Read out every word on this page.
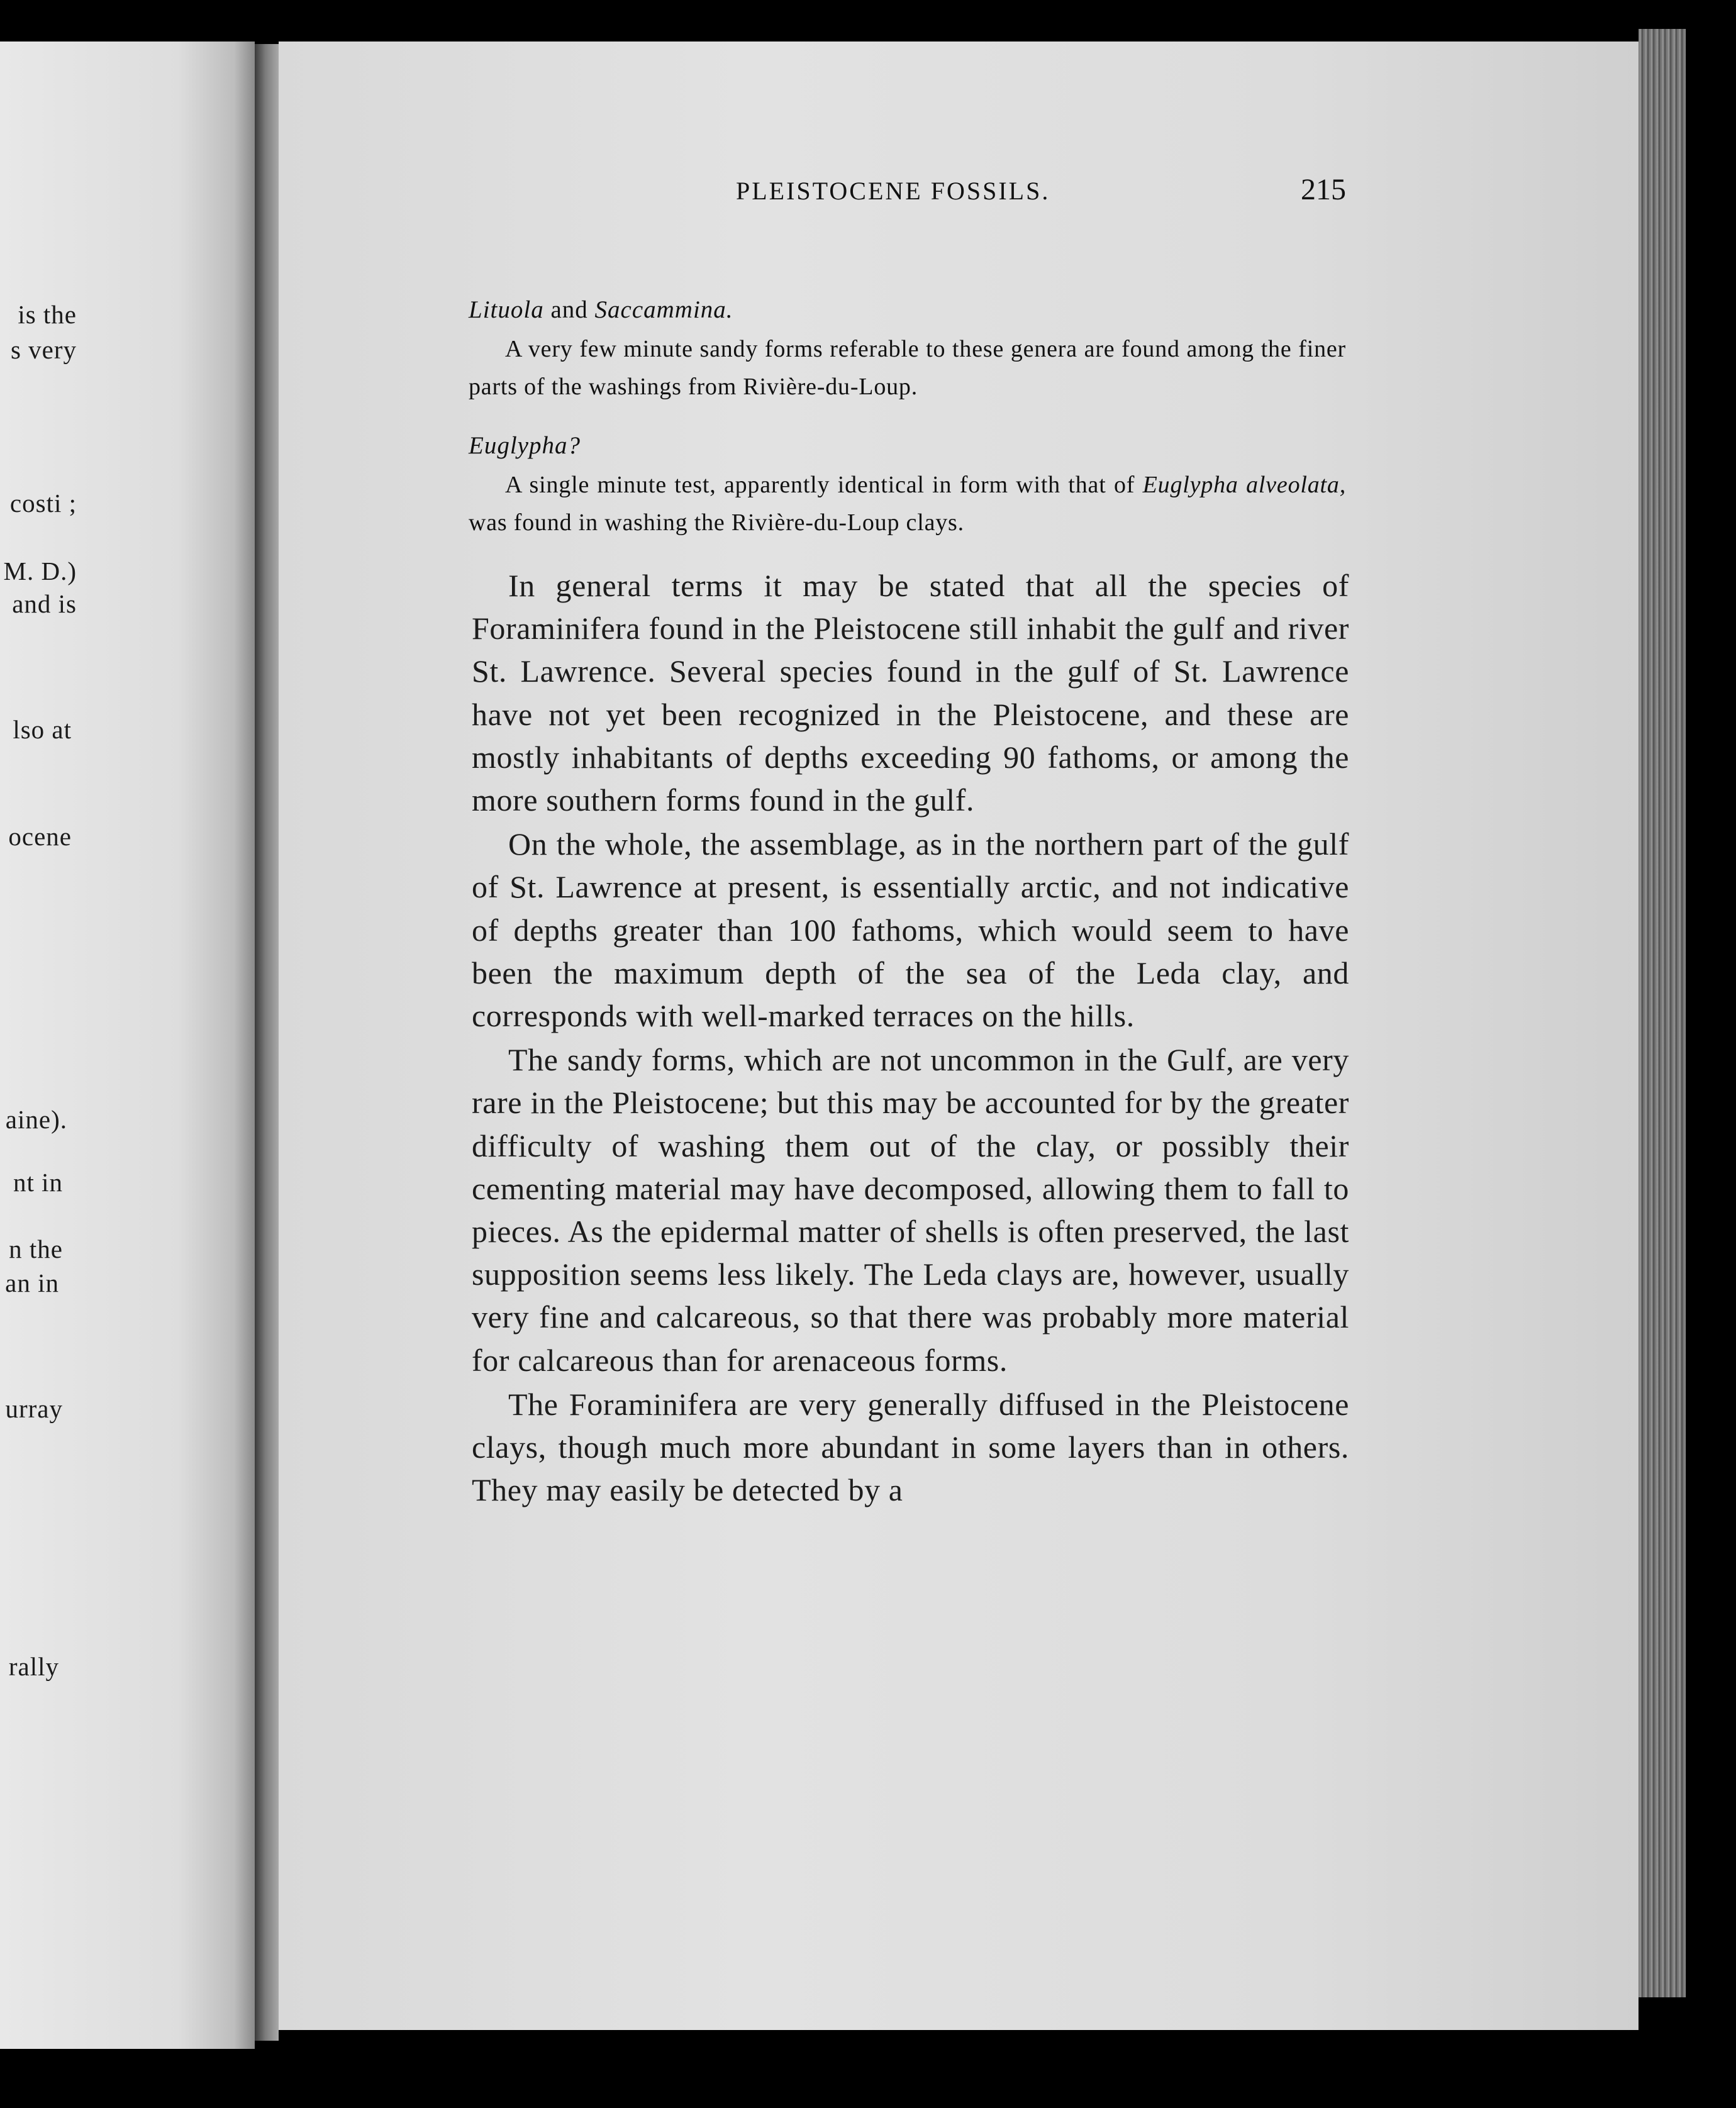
is the
s very
costi ;
M. D.)
and is
lso at
ocene
aine).
nt in
n the
an in
urray
rally
PLEISTOCENE FOSSILS.	215

Lituola and Saccammina.

A very few minute sandy forms referable to these genera are found among the finer parts of the washings from Rivière-du-Loup.

Euglypha?

A single minute test, apparently identical in form with that of Euglypha alveolata, was found in washing the Rivière-du-Loup clays.

In general terms it may be stated that all the species of Foraminifera found in the Pleistocene still inhabit the gulf and river St. Lawrence. Several species found in the gulf of St. Lawrence have not yet been recognized in the Pleistocene, and these are mostly inhabitants of depths exceeding 90 fathoms, or among the more southern forms found in the gulf.

On the whole, the assemblage, as in the northern part of the gulf of St. Lawrence at present, is essentially arctic, and not indicative of depths greater than 100 fathoms, which would seem to have been the maximum depth of the sea of the Leda clay, and corresponds with well-marked terraces on the hills.

The sandy forms, which are not uncommon in the Gulf, are very rare in the Pleistocene; but this may be accounted for by the greater difficulty of washing them out of the clay, or possibly their cementing material may have decomposed, allowing them to fall to pieces. As the epidermal matter of shells is often preserved, the last supposition seems less likely. The Leda clays are, however, usually very fine and calcareous, so that there was probably more material for calcareous than for arenaceous forms.

The Foraminifera are very generally diffused in the Pleistocene clays, though much more abundant in some layers than in others. They may easily be detected by a
